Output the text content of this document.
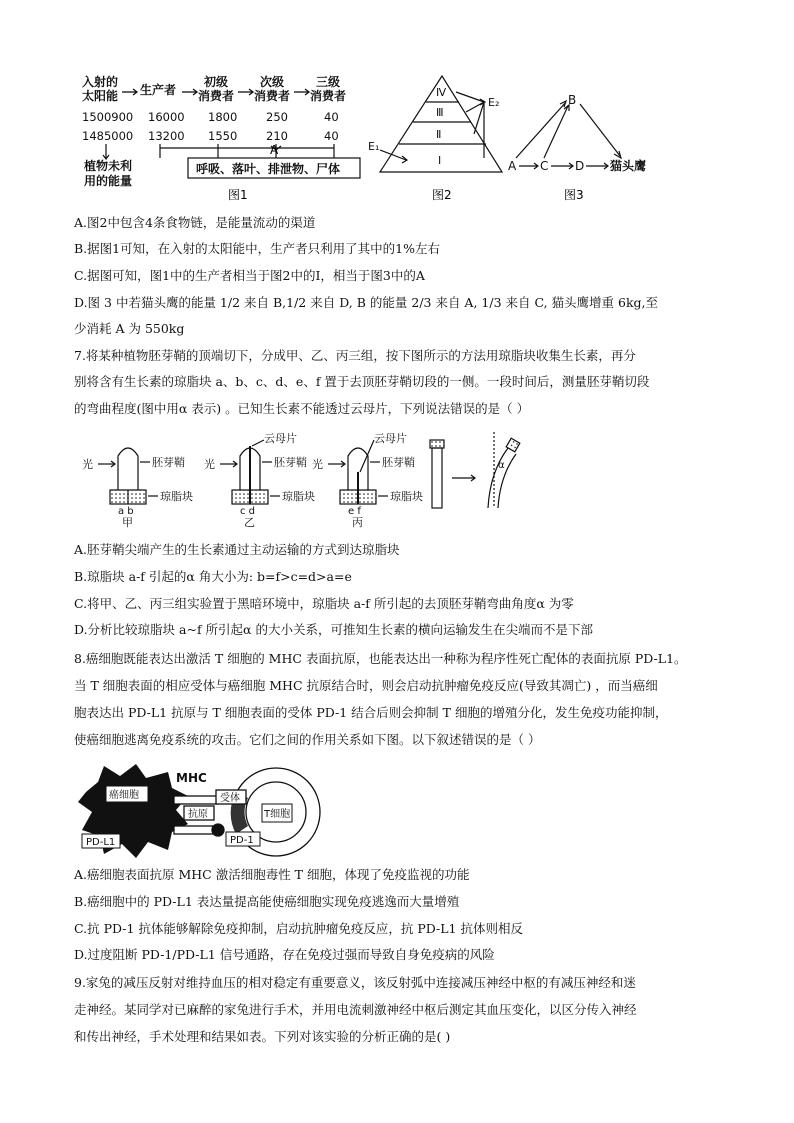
入射的
太阳能 生产者
初级
消费者
次级
消费者
三级
消费者
1500900 16000 1800 250	40
1485000 13200 1550 210	40
A
植物未利
用的能量
呼吸、落叶、排泄物、尸体
图1
Ⅳ
Ⅲ
Ⅱ
Ⅰ
E₁
E₂
图2
A C D 猫头鹰
B
图3
A.图2中包含4条食物链，是能量流动的渠道
B.据图1可知，在入射的太阳能中，生产者只利用了其中的1%左右
C.据图可知，图1中的生产者相当于图2中的Ⅰ，相当于图3中的A
D.图 3 中若猫头鹰的能量 1/2 来自 B,1/2 来自 D, B 的能量 2/3 来自 A, 1/3 来自 C, 猫头鹰增重 6kg,至
少消耗 A 为 550kg
7.将某种植物胚芽鞘的顶端切下，分成甲、乙、丙三组，按下图所示的方法用琼脂块收集生长素，再分
别将含有生长素的琼脂块 a、b、c、d、e、f 置于去顶胚芽鞘切段的一侧。一段时间后，测量胚芽鞘切段
的弯曲程度(图中用α 表示) 。已知生长素不能透过云母片，下列说法错误的是（ ）
光	胚芽鞘
琼脂块
a b
甲
光
云母片
胚芽鞘
琼脂块
c d
乙
光
云母片
胚芽鞘
琼脂块
e f
丙
α
A.胚芽鞘尖端产生的生长素通过主动运输的方式到达琼脂块
B.琼脂块 a-f 引起的α 角大小为: b=f>c=d>a=e
C.将甲、乙、丙三组实验置于黑暗环境中，琼脂块 a-f 所引起的去顶胚芽鞘弯曲角度α 为零
D.分析比较琼脂块 a~f 所引起α 的大小关系，可推知生长素的横向运输发生在尖端而不是下部
8.癌细胞既能表达出激活 T 细胞的 MHC 表面抗原，也能表达出一种称为程序性死亡配体的表面抗原 PD-L1。
当 T 细胞表面的相应受体与癌细胞 MHC 抗原结合时，则会启动抗肿瘤免疫反应(导致其凋亡) ，而当癌细
胞表达出 PD-L1 抗原与 T 细胞表面的受体 PD-1 结合后则会抑制 T 细胞的增殖分化，发生免疫功能抑制，
使癌细胞逃离免疫系统的攻击。它们之间的作用关系如下图。以下叙述错误的是（ ）
癌细胞
MHC
受体
抗原	T细胞
PD-L1	PD-1
A.癌细胞表面抗原 MHC 激活细胞毒性 T 细胞，体现了免疫监视的功能
B.癌细胞中的 PD-L1 表达量提高能使癌细胞实现免疫逃逸而大量增殖
C.抗 PD-1 抗体能够解除免疫抑制，启动抗肿瘤免疫反应，抗 PD-L1 抗体则相反
D.过度阻断 PD-1/PD-L1 信号通路，存在免疫过强而导致自身免疫病的风险
9.家兔的减压反射对维持血压的相对稳定有重要意义，该反射弧中连接减压神经中枢的有减压神经和迷
走神经。某同学对已麻醉的家兔进行手术，并用电流刺激神经中枢后测定其血压变化，以区分传入神经
和传出神经，手术处理和结果如表。下列对该实验的分析正确的是( )
